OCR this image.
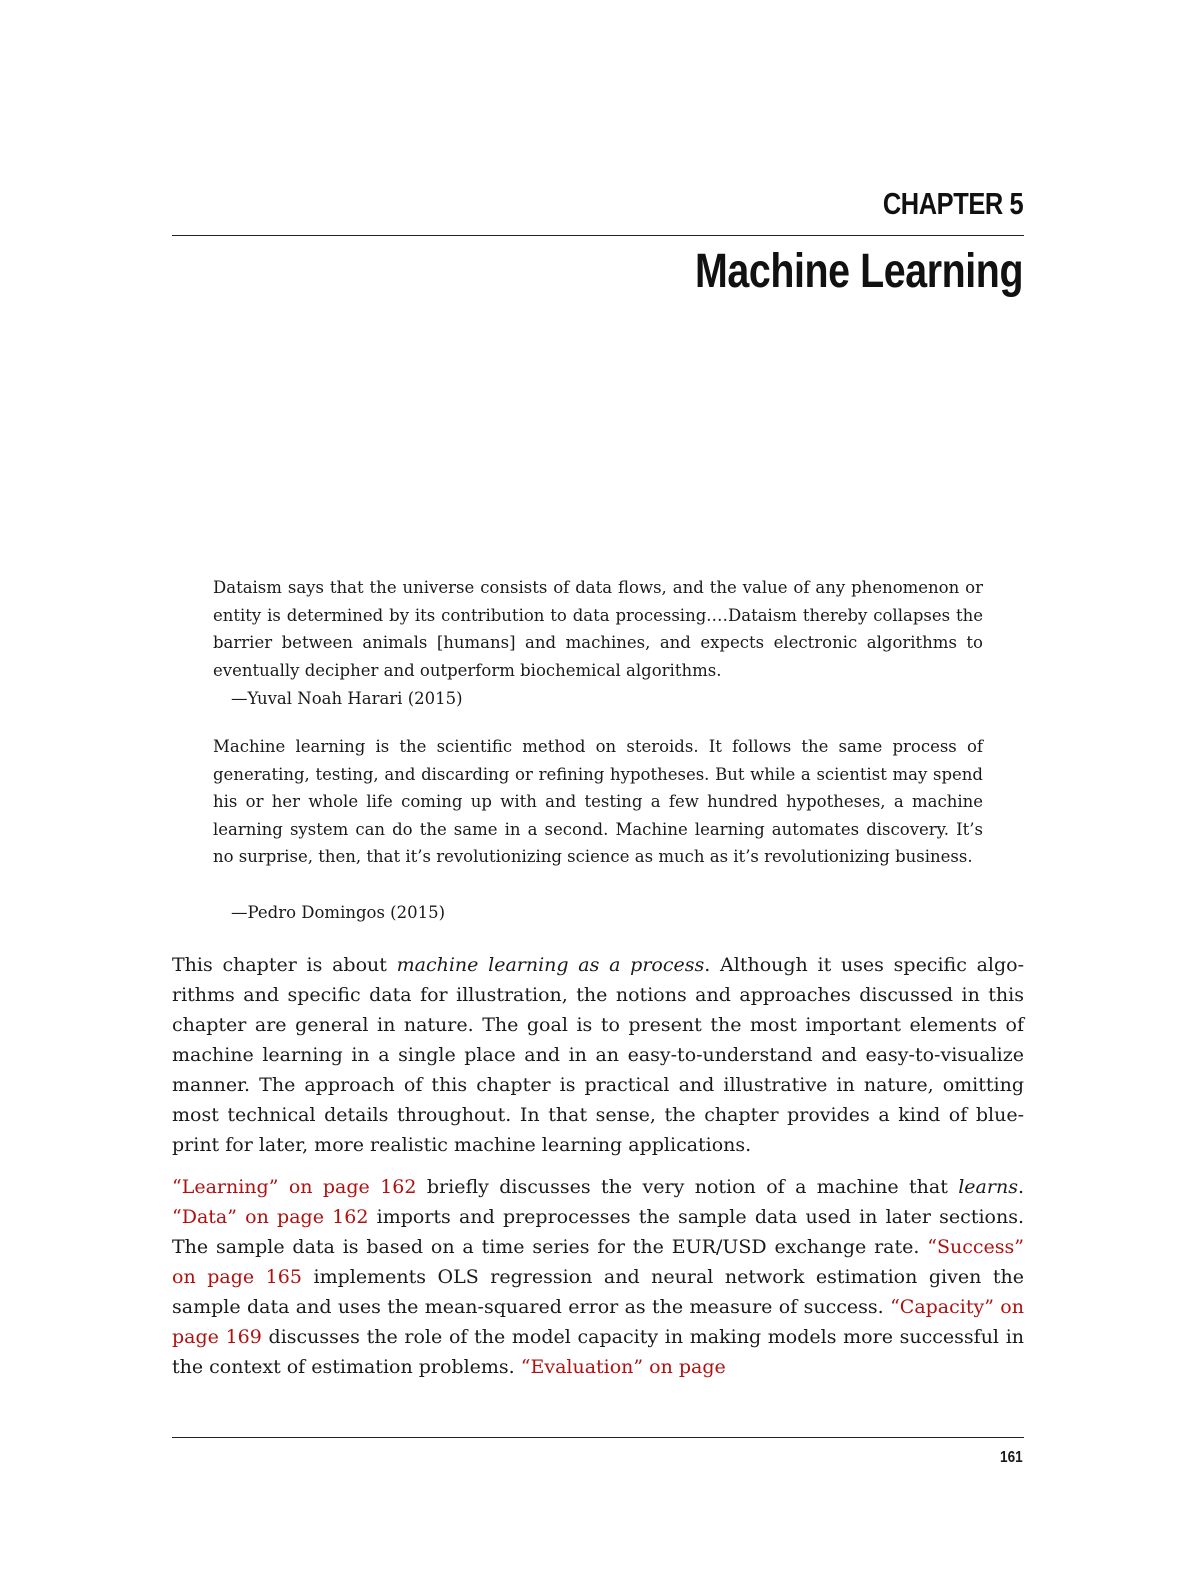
CHAPTER 5
Machine Learning
Dataism says that the universe consists of data flows, and the value of any phenomenon or entity is determined by its contribution to data processing.…Dataism thereby collapses the barrier between animals [humans] and machines, and expects electronic algorithms to eventually decipher and outperform biochemical algorithms.
—Yuval Noah Harari (2015)
Machine learning is the scientific method on steroids. It follows the same process of generating, testing, and discarding or refining hypotheses. But while a scientist may spend his or her whole life coming up with and testing a few hundred hypotheses, a machine learning system can do the same in a second. Machine learning automates discovery. It’s no surprise, then, that it’s revolutionizing science as much as it’s revolutionizing business.
—Pedro Domingos (2015)

This chapter is about machine learning as a process. Although it uses specific algorithms and specific data for illustration, the notions and approaches discussed in this chapter are general in nature. The goal is to present the most important elements of machine learning in a single place and in an easy-to-understand and easy-to-visualize manner. The approach of this chapter is practical and illustrative in nature, omitting most technical details throughout. In that sense, the chapter provides a kind of blueprint for later, more realistic machine learning applications.

“Learning” on page 162 briefly discusses the very notion of a machine that learns. “Data” on page 162 imports and preprocesses the sample data used in later sections. The sample data is based on a time series for the EUR/USD exchange rate. “Success” on page 165 implements OLS regression and neural network estimation given the sample data and uses the mean-squared error as the measure of success. “Capacity” on page 169 discusses the role of the model capacity in making models more successful in the context of estimation problems. “Evaluation” on page

161
